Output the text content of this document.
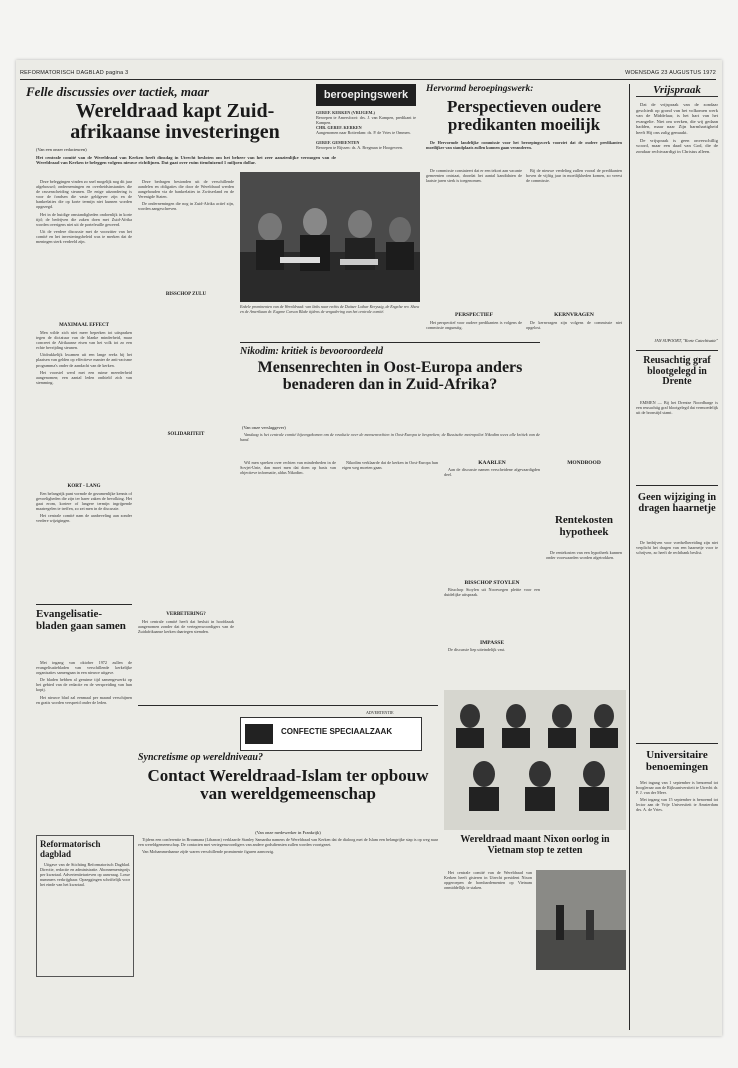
REFORMATORISCH DAGBLAD pagina 3	WOENSDAG 23 AUGUSTUS 1972
Felle discussies over tactiek, maar
Wereldraad kapt Zuid-afrikaanse investeringen
(Van een onzer redacteuren)
Het centrale comité van de Wereldraad van Kerken heeft dinsdag in Utrecht besloten om het beheer van het zeer aanzienlijke vermogen van de Wereldraad van Kerken te beleggen volgens nieuwe richtlijnen. Dat gaat over ruim tienduizend 1 miljoen dollar.

Deze beleggingen vinden zo snel mogelijk nog dit jaar afgebouwd; ondernemingen en overheidsinstanties die de rassenscheiding steunen. De enige uitzondering is voor de fondsen die vaste geldgever zijn en de bankrelaties die op korte termijn niet kunnen worden opgezegd.

Het in de huidige omstandigheden ondoenlijk in korte tijd; de bedrijven die zaken doen met Zuid-Afrika worden overigens niet uit de portefeuille geweerd.

Uit de verdere discussie met de voorzitter van het comité en het investeringsbeleid was te merken dat de meningen sterk verdeeld zijn.

MAXIMAAL EFFECT

Men wilde zich niet meer beperken tot uitspraken tegen de dictatuur van de blanke minderheid, maar concreet de Afrikaanse eisen van het volk tot zo een echte bevrijding steunen.

Uitdrukkelijk kwamen uit een lange reeks bij het plaatsen van gelden op effectieve manier de anti-racisme programma's onder de aandacht van de kerken.

Het voorstel werd met een ruime meerderheid aangenomen; een aantal leden onthield zich van stemming.

KORT - LANG

Een belangrijk punt vormde de gezamenlijke kennis of gevoeligheden die zijn ter harer zaken de bevolking. Het gaat erom, kortere of langere termijn ingrijpende maatregelen te treffen, zo zei men in de discussie.

Het centrale comité nam de aanbeveling aan zonder verdere wijzigingen.

Evangelisatie-bladen gaan samen

Met ingang van oktober 1972 zullen de evangelisatiebladen van verschillende kerkelijke organisaties samengaan in een nieuwe uitgave.

De bladen hebben al geruime tijd samengewerkt op het gebied van de redactie en de verspreiding van hun kopij.

Het nieuwe blad zal eenmaal per maand verschijnen en gratis worden verspreid onder de leden.

Reformatorisch dagblad

Uitgave van de Stichting Reformatorisch Dagblad. Directie, redactie en administratie. Abonnementsprijs per kwartaal. Advertentietarieven op aanvraag. Losse nummers verkrijgbaar. Opzeggingen schriftelijk voor het einde van het kwartaal.

Deze bedragen bestonden uit de verschillende aandelen en obligaties die door de Wereldraad werden aangehouden via de bankrelaties in Zwitserland en de Verenigde Staten.

De ondernemingen die nog in Zuid-Afrika actief zijn, worden aangeschreven.

BISSCHOP ZULU
SOLIDARITEIT
VERBETERING?

Het centrale comité heeft dat besluit in hoofdzaak aangenomen zonder dat de vertegenwoordigers van de Zuidafrikaanse kerken daartegen stemden.

beroepingswerk
GEREF. KERKEN (VRIJGEM.)
Beroepen te Amersfoort: drs. J. van Kampen, predikant te Kampen.
CHR. GEREF. KERKEN
Aangenomen naar Rotterdam: ds. P. de Vries te Ommen.
GEREF. GEMEENTEN
Beroepen te Rijssen: ds. A. Bregman te Hoogeveen.
Enkele prominenten van de Wereldraad: van links naar rechts de Duitser Lothar Kreyssig, de Engelse rev. Shaw en de Amerikaan dr. Eugene Carson Blake tijdens de vergadering van het centrale comité.
Hervormd beroepingswerk:
Perspectieven oudere predikanten moeilijk

De Hervormde landelijke commissie voor het beroepingswerk voorziet dat de oudere predikanten moeilijker van standplaats zullen kunnen gaan veranderen.

De commissie constateert dat er een tekort aan vacante gemeenten ontstaat, doordat het aantal kandidaten de laatste jaren sterk is toegenomen.

Bij de nieuwe verdeling zullen vooral de predikanten boven de vijftig jaar in moeilijkheden komen, zo vreest de commissie.

PERSPECTIEF	KERNVRAGEN

Het perspectief voor oudere predikanten is volgens de commissie ongunstig.

De kernvragen zijn volgens de commissie niet opgelost.

Nikodim: kritiek is bevooroordeeld
Mensenrechten in Oost-Europa anders benaderen dan in Zuid-Afrika?
(Van onze verslaggever)

Vandaag is het centrale comité bijeengekomen om de resolutie over de mensenrechten in Oost-Europa te bespreken; de Russische metropoliet Nikodim wees alle kritiek van de hand.

Wil men spreken over rechten van minderheden in de Sovjet-Unie, dan moet men dat doen op basis van objectieve informatie, aldus Nikodim.

CONFECTIE SPECIAALZAAK
ADVERTENTIE

Nikodim verklaarde dat de kerken in Oost-Europa hun eigen weg moeten gaan.

KAARLEN

Aan de discussie namen verscheidene afgevaardigden deel.

BISSCHOP STOYLEN

Bisschop Stoylen uit Noorwegen pleitte voor een duidelijke uitspraak.

IMPASSE

De discussie liep uiteindelijk vast.

MONDBOOD
Rentekosten hypotheek

De rentekosten van een hypotheek kunnen onder voorwaarden worden afgetrokken.

Syncretisme op wereldniveau?
Contact Wereldraad-Islam ter opbouw van wereldgemeenschap
(Van onze medewerker in Frankrijk)

Tijdens een conferentie in Broumana (Libanon) verklaarde Stanley Samartha namens de Wereldraad van Kerken dat de dialoog met de Islam een belangrijke stap is op weg naar een wereldgemeenschap. De contacten met vertegenwoordigers van andere godsdiensten zullen worden voortgezet.

Van Mohammedaanse zijde waren verschillende prominente figuren aanwezig.

Wereldraad maant Nixon oorlog in Vietnam stop te zetten

Het centrale comité van de Wereldraad van Kerken heeft gisteren in Utrecht president Nixon opgeroepen de bombardementen op Vietnam onmiddellijk te staken.

Vrijspraak

Dat de vrijspraak van de zondaar geschiedt op grond van het volkomen werk van de Middelaar, is het hart van het evangelie. Niet om werken, die wij gedaan hadden, maar naar Zijn barmhartigheid heeft Hij ons zalig gemaakt.

De vrijspraak is geen onverschillig woord, maar een daad van God, die de zondaar rechtvaardigt in Christus alleen.

JAN SUPOORT, "Korte Catechisatie"
Reusachtig graf blootgelegd in Drente

EMMEN — Bij het Drentse Noordbarge is een reusachtig graf blootgelegd dat vermoedelijk uit de bronstijd stamt.

Geen wijziging in dragen haarnetje

De bedrijven voor voedselbereiding zijn niet verplicht het dragen van een haarnetje voor te schrijven, zo heeft de rechtbank beslist.

Universitaire benoemingen

Met ingang van 1 september is benoemd tot hoogleraar aan de Rijksuniversiteit te Utrecht dr. P. J. van der Meer.

Met ingang van 15 september is benoemd tot lector aan de Vrije Universiteit te Amsterdam drs. A. de Vries.
